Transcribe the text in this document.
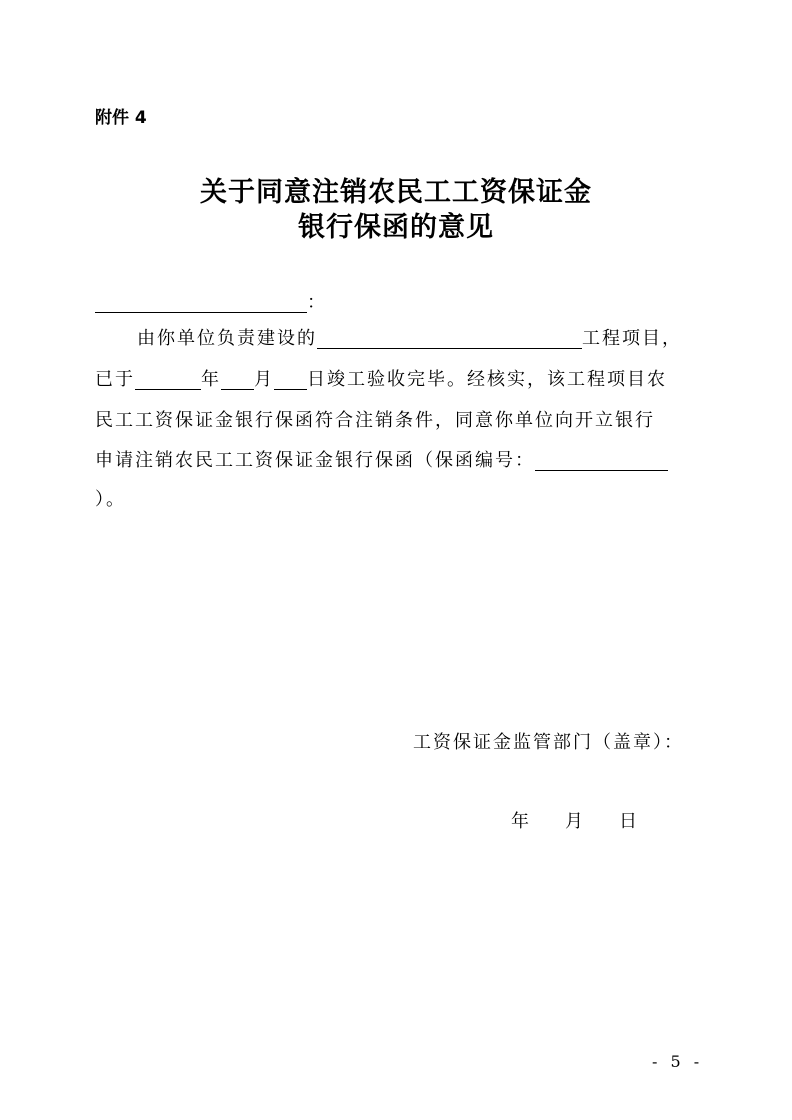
附件 4
关于同意注销农民工工资保证金
银行保函的意见
：
由你单位负责建设的	工程项目，
已于	年 月 日竣工验收完毕。经核实，该工程项目农
民工工资保证金银行保函符合注销条件，同意你单位向开立银行
申请注销农民工工资保证金银行保函（保函编号：
）。
工资保证金监管部门（盖章）：
年 月 日
- 5 -
